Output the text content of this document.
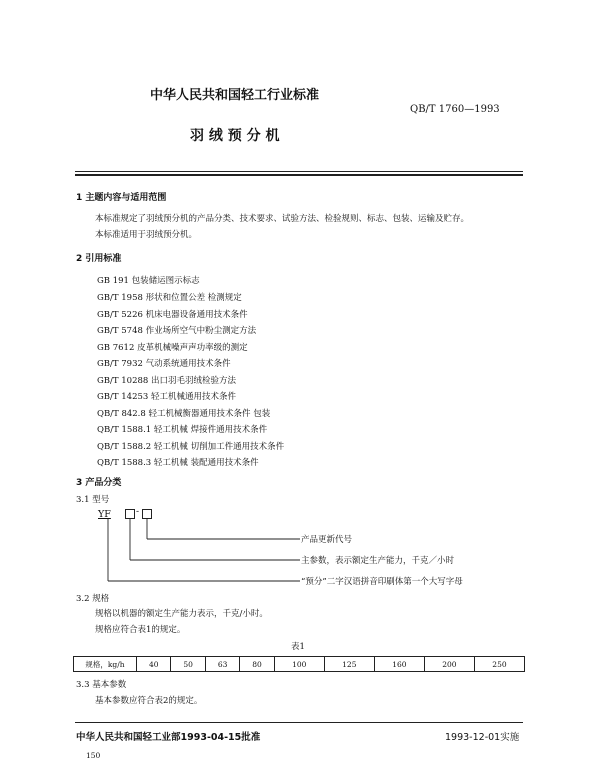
中华人民共和国轻工行业标准
QB/T 1760—1993
羽 绒 预 分 机
1 主题内容与适用范围
本标准规定了羽绒预分机的产品分类、技术要求、试验方法、检验规则、标志、包装、运输及贮存。
本标准适用于羽绒预分机。
2 引用标准
GB 191 包装储运图示标志
GB/T 1958 形状和位置公差 检测规定
GB/T 5226 机床电器设备通用技术条件
GB/T 5748 作业场所空气中粉尘测定方法
GB 7612 皮革机械噪声声功率级的测定
GB/T 7932 气动系统通用技术条件
GB/T 10288 出口羽毛羽绒检验方法
GB/T 14253 轻工机械通用技术条件
QB/T 842.8 轻工机械衡器通用技术条件 包装
QB/T 1588.1 轻工机械 焊接件通用技术条件
QB/T 1588.2 轻工机械 切削加工件通用技术条件
QB/T 1588.3 轻工机械 装配通用技术条件
3 产品分类
3.1 型号
YF	-
产品更新代号
主参数，表示额定生产能力，千克／小时
“预分”二字汉语拼音印刷体第一个大写字母
3.2 规格
规格以机器的额定生产能力表示，千克/小时。
规格应符合表1的规定。
表1
规格，kg/h	40	50	63	80	100	125	160	200	250
3.3 基本参数
基本参数应符合表2的规定。
中华人民共和国轻工业部1993-04-15批准	1993-12-01实施
150
